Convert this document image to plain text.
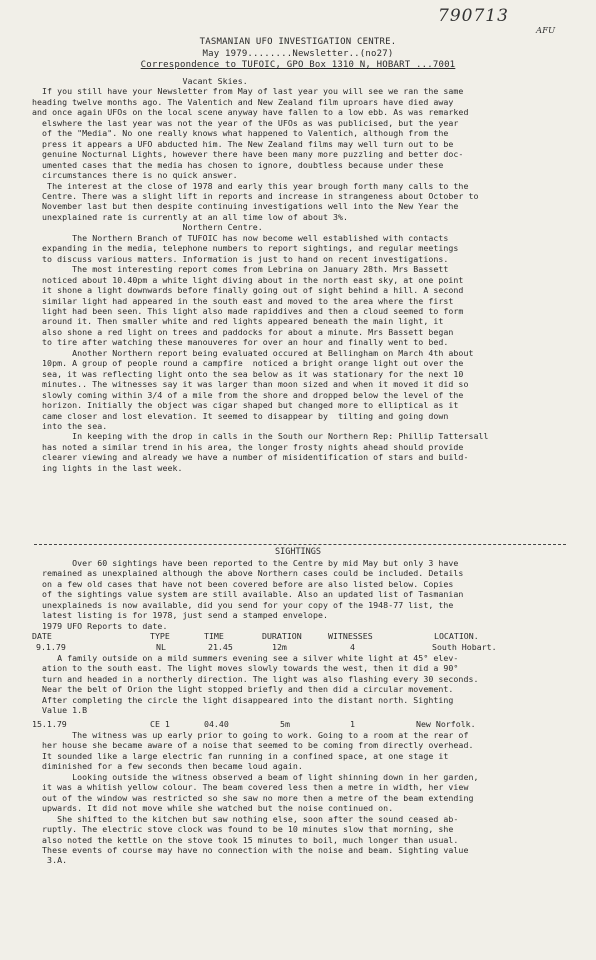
790713
AFU
TASMANIAN UFO INVESTIGATION CENTRE.
May 1979........Newsletter..(no27)
Correspondence to TUFOIC, GPO Box 1310 N, HOBART ...7001
Vacant Skies.
If you still have your Newsletter from May of last year you will see we ran the same
heading twelve months ago. The Valentich and New Zealand film uproars have died away
and once again UFOs on the local scene anyway have fallen to a low ebb. As was remarked
elswhere the last year was not the year of the UFOs as was publicised, but the year
of the "Media". No one really knows what happened to Valentich, although from the
press it appears a UFO abducted him. The New Zealand films may well turn out to be
genuine Nocturnal Lights, however there have been many more puzzling and better doc-
umented cases that the media has chosen to ignore, doubtless because under these
circumstances there is no quick answer.
The interest at the close of 1978 and early this year brough forth many calls to the
Centre. There was a slight lift in reports and increase in strangeness about October to
November last but then despite continuing investigations well into the New Year the
unexplained rate is currently at an all time low of about 3%.
Northern Centre.
The Northern Branch of TUFOIC has now become well established with contacts
expanding in the media, telephone numbers to report sightings, and regular meetings
to discuss various matters. Information is just to hand on recent investigations.
The most interesting report comes from Lebrina on January 28th. Mrs Bassett
noticed about 10.40pm a white light diving about in the north east sky, at one point
it shone a light downwards before finally going out of sight behind a hill. A second
similar light had appeared in the south east and moved to the area where the first
light had been seen. This light also made rapiddives and then a cloud seemed to form
around it. Then smaller white and red lights appeared beneath the main light, it
also shone a red light on trees and paddocks for about a minute. Mrs Bassett began
to tire after watching these manouveres for over an hour and finally went to bed.
Another Northern report being evaluated occured at Bellingham on March 4th about
10pm. A group of people round a campfire  noticed a bright orange light out over the
sea, it was reflecting light onto the sea below as it was stationary for the next 10
minutes.. The witnesses say it was larger than moon sized and when it moved it did so
slowly coming within 3/4 of a mile from the shore and dropped below the level of the
horizon. Initially the object was cigar shaped but changed more to elliptical as it
came closer and lost elevation. It seemed to disappear by  tilting and going down
into the sea.
In keeping with the drop in calls in the South our Northern Rep: Phillip Tattersall
has noted a similar trend in his area, the longer frosty nights ahead should provide
clearer viewing and already we have a number of misidentification of stars and build-
ing lights in the last week.
SIGHTINGS
Over 60 sightings have been reported to the Centre by mid May but only 3 have
remained as unexplained although the above Northern cases could be included. Details
on a few old cases that have not been covered before are also listed below. Copies
of the sightings value system are still available. Also an updated list of Tasmanian
unexplaineds is now available, did you send for your copy of the 1948-77 list, the
latest listing is for 1978, just send a stamped envelope.
1979 UFO Reports to date.
DATE	TYPE	TIME	DURATION	WITNESSES	LOCATION.
9.1.79	NL	21.45	12m	4	South Hobart.
A family outside on a mild summers evening see a silver white light at 45° elev-
ation to the south east. The light moves slowly towards the west, then it did a 90°
turn and headed in a northerly direction. The light was also flashing every 30 seconds.
Near the belt of Orion the light stopped briefly and then did a circular movement.
After completing the circle the light disappeared into the distant north. Sighting
Value 1.B
15.1.79	CE 1	04.40	5m	1	New Norfolk.
The witness was up early prior to going to work. Going to a room at the rear of
her house she became aware of a noise that seemed to be coming from directly overhead.
It sounded like a large electric fan running in a confined space, at one stage it
diminished for a few seconds then became loud again.
Looking outside the witness observed a beam of light shinning down in her garden,
it was a whitish yellow colour. The beam covered less then a metre in width, her view
out of the window was restricted so she saw no more then a metre of the beam extending
upwards. It did not move while she watched but the noise continued on.
She shifted to the kitchen but saw nothing else, soon after the sound ceased ab-
ruptly. The electric stove clock was found to be 10 minutes slow that morning, she
also noted the kettle on the stove took 15 minutes to boil, much longer than usual.
These events of course may have no connection with the noise and beam. Sighting value
3.A.
